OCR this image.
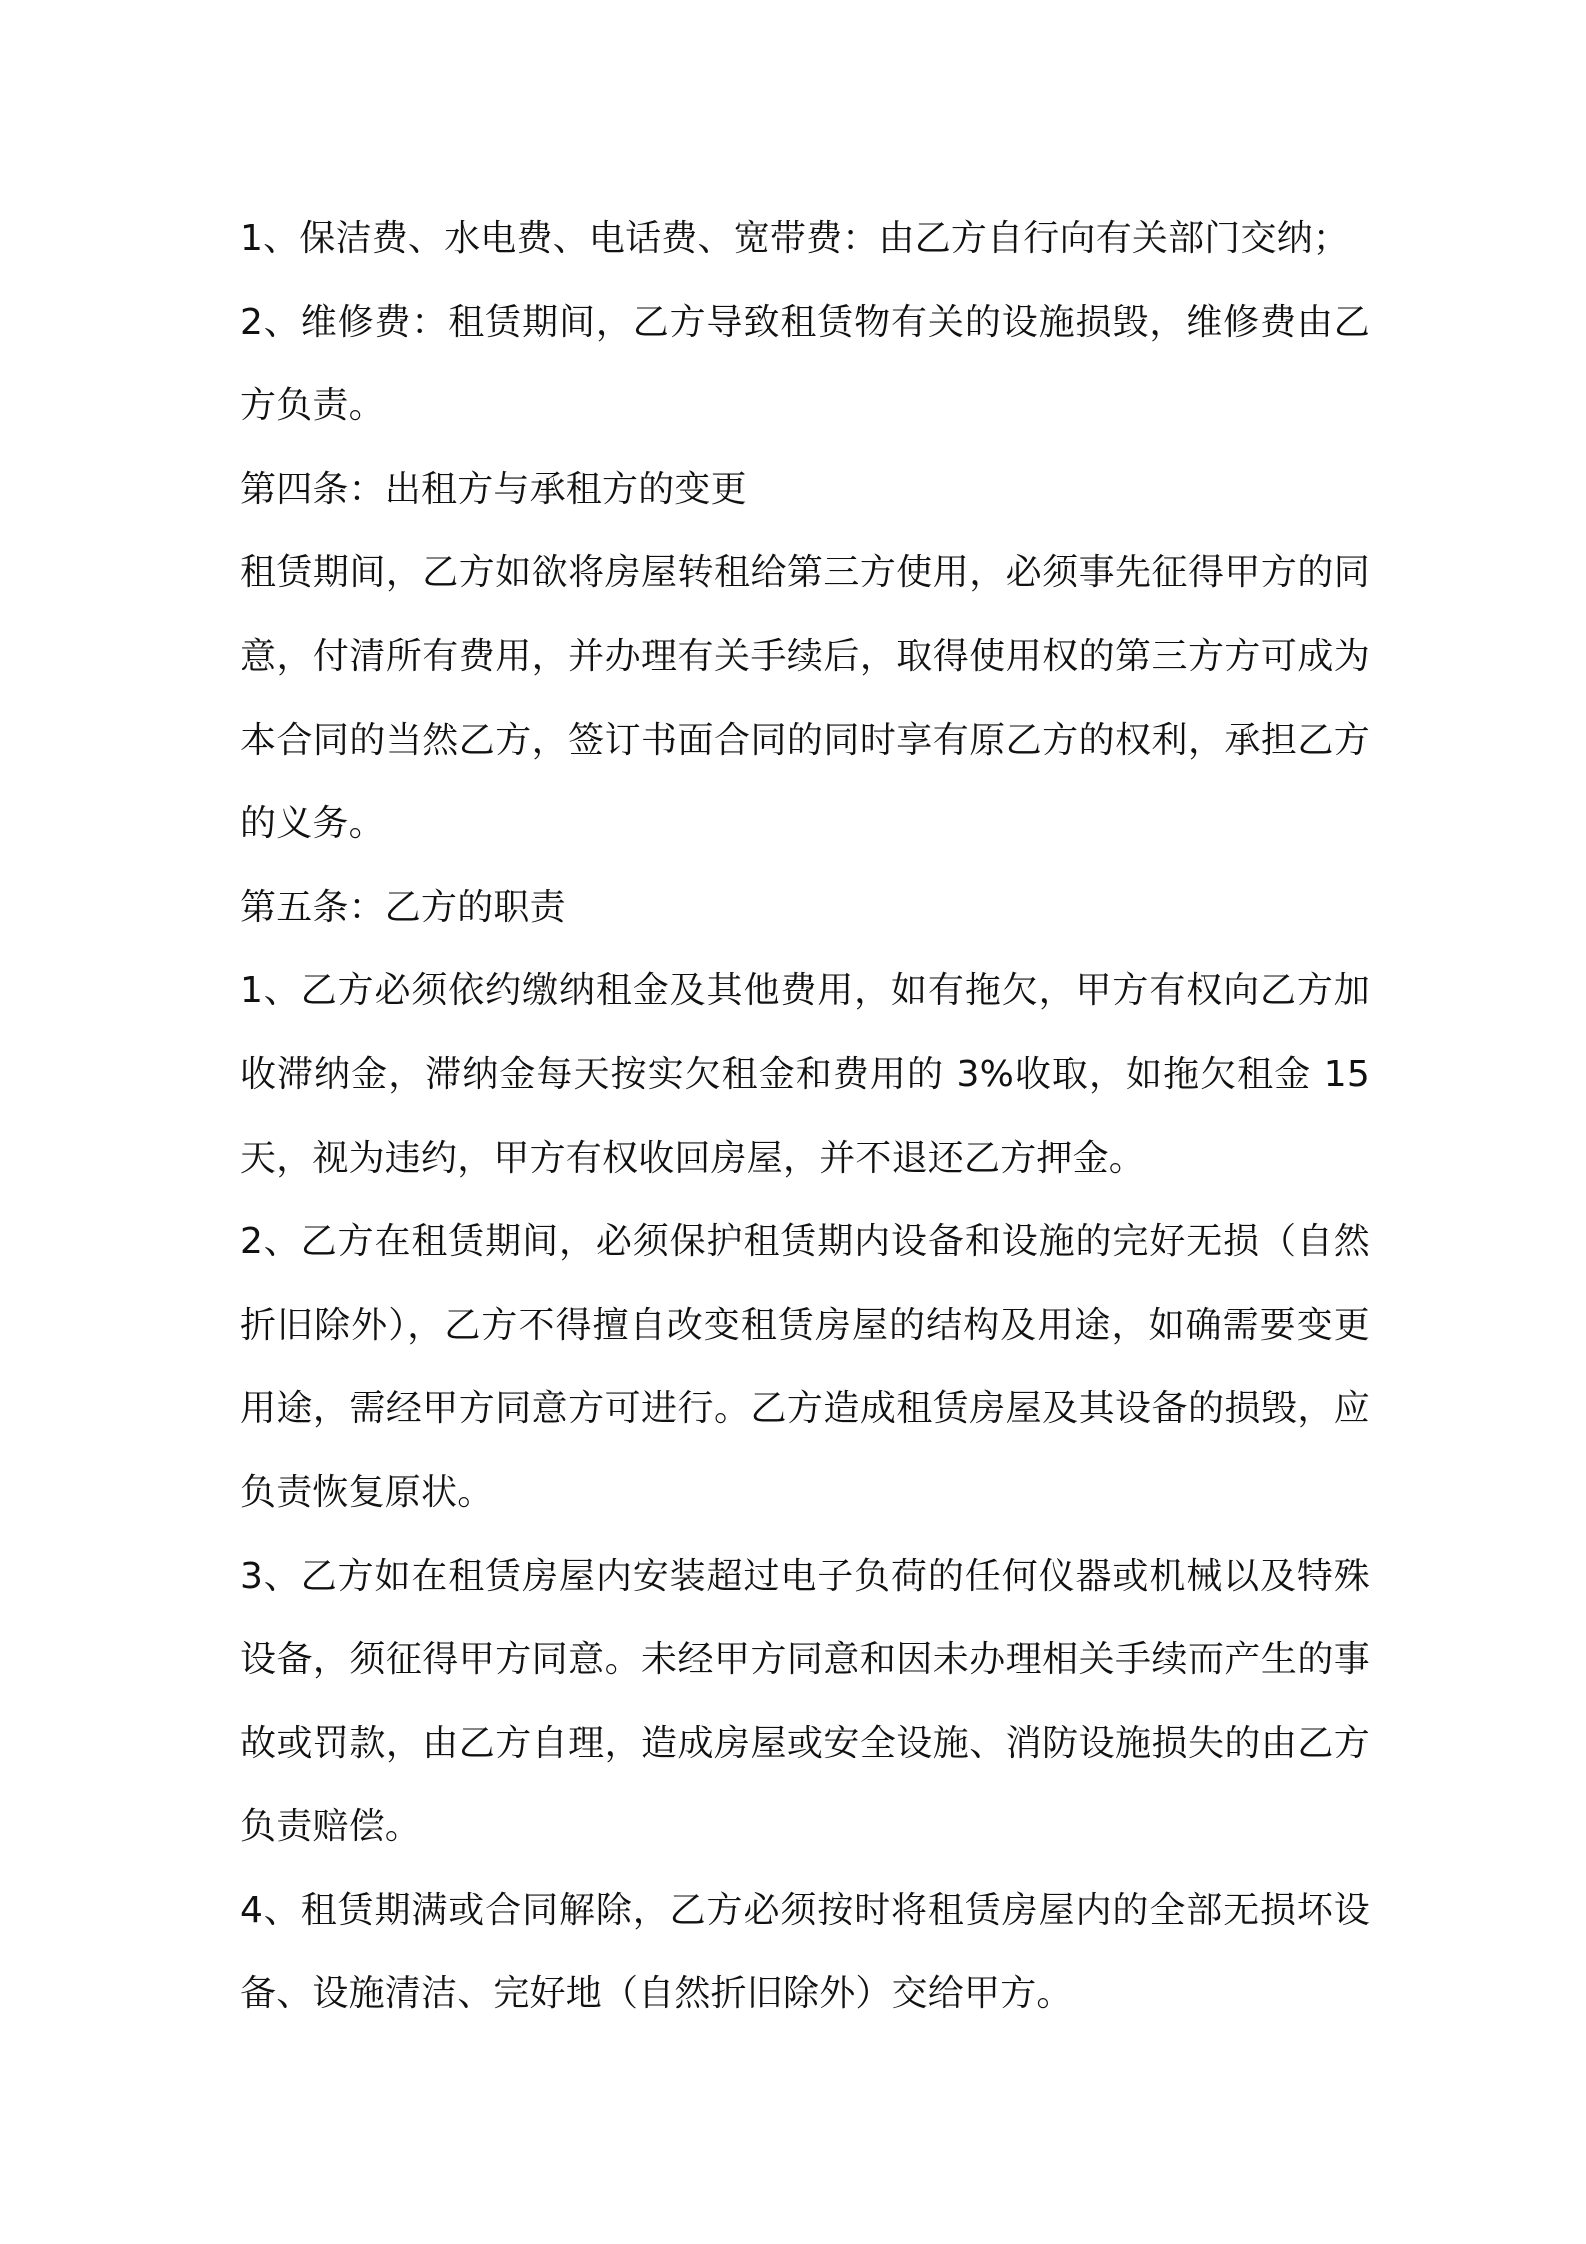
1、保洁费、水电费、电话费、宽带费：由乙方自行向有关部门交纳；

2、维修费：租赁期间，乙方导致租赁物有关的设施损毁，维修费由乙方负责。

第四条：出租方与承租方的变更

租赁期间，乙方如欲将房屋转租给第三方使用，必须事先征得甲方的同意，付清所有费用，并办理有关手续后，取得使用权的第三方方可成为本合同的当然乙方，签订书面合同的同时享有原乙方的权利，承担乙方的义务。

第五条：乙方的职责

1、乙方必须依约缴纳租金及其他费用，如有拖欠，甲方有权向乙方加收滞纳金，滞纳金每天按实欠租金和费用的 3%收取，如拖欠租金 15 天，视为违约，甲方有权收回房屋，并不退还乙方押金。

2、乙方在租赁期间，必须保护租赁期内设备和设施的完好无损（自然折旧除外），乙方不得擅自改变租赁房屋的结构及用途，如确需要变更用途，需经甲方同意方可进行。乙方造成租赁房屋及其设备的损毁，应负责恢复原状。

3、乙方如在租赁房屋内安装超过电子负荷的任何仪器或机械以及特殊设备，须征得甲方同意。未经甲方同意和因未办理相关手续而产生的事故或罚款，由乙方自理，造成房屋或安全设施、消防设施损失的由乙方负责赔偿。

4、租赁期满或合同解除，乙方必须按时将租赁房屋内的全部无损坏设备、设施清洁、完好地（自然折旧除外）交给甲方。
